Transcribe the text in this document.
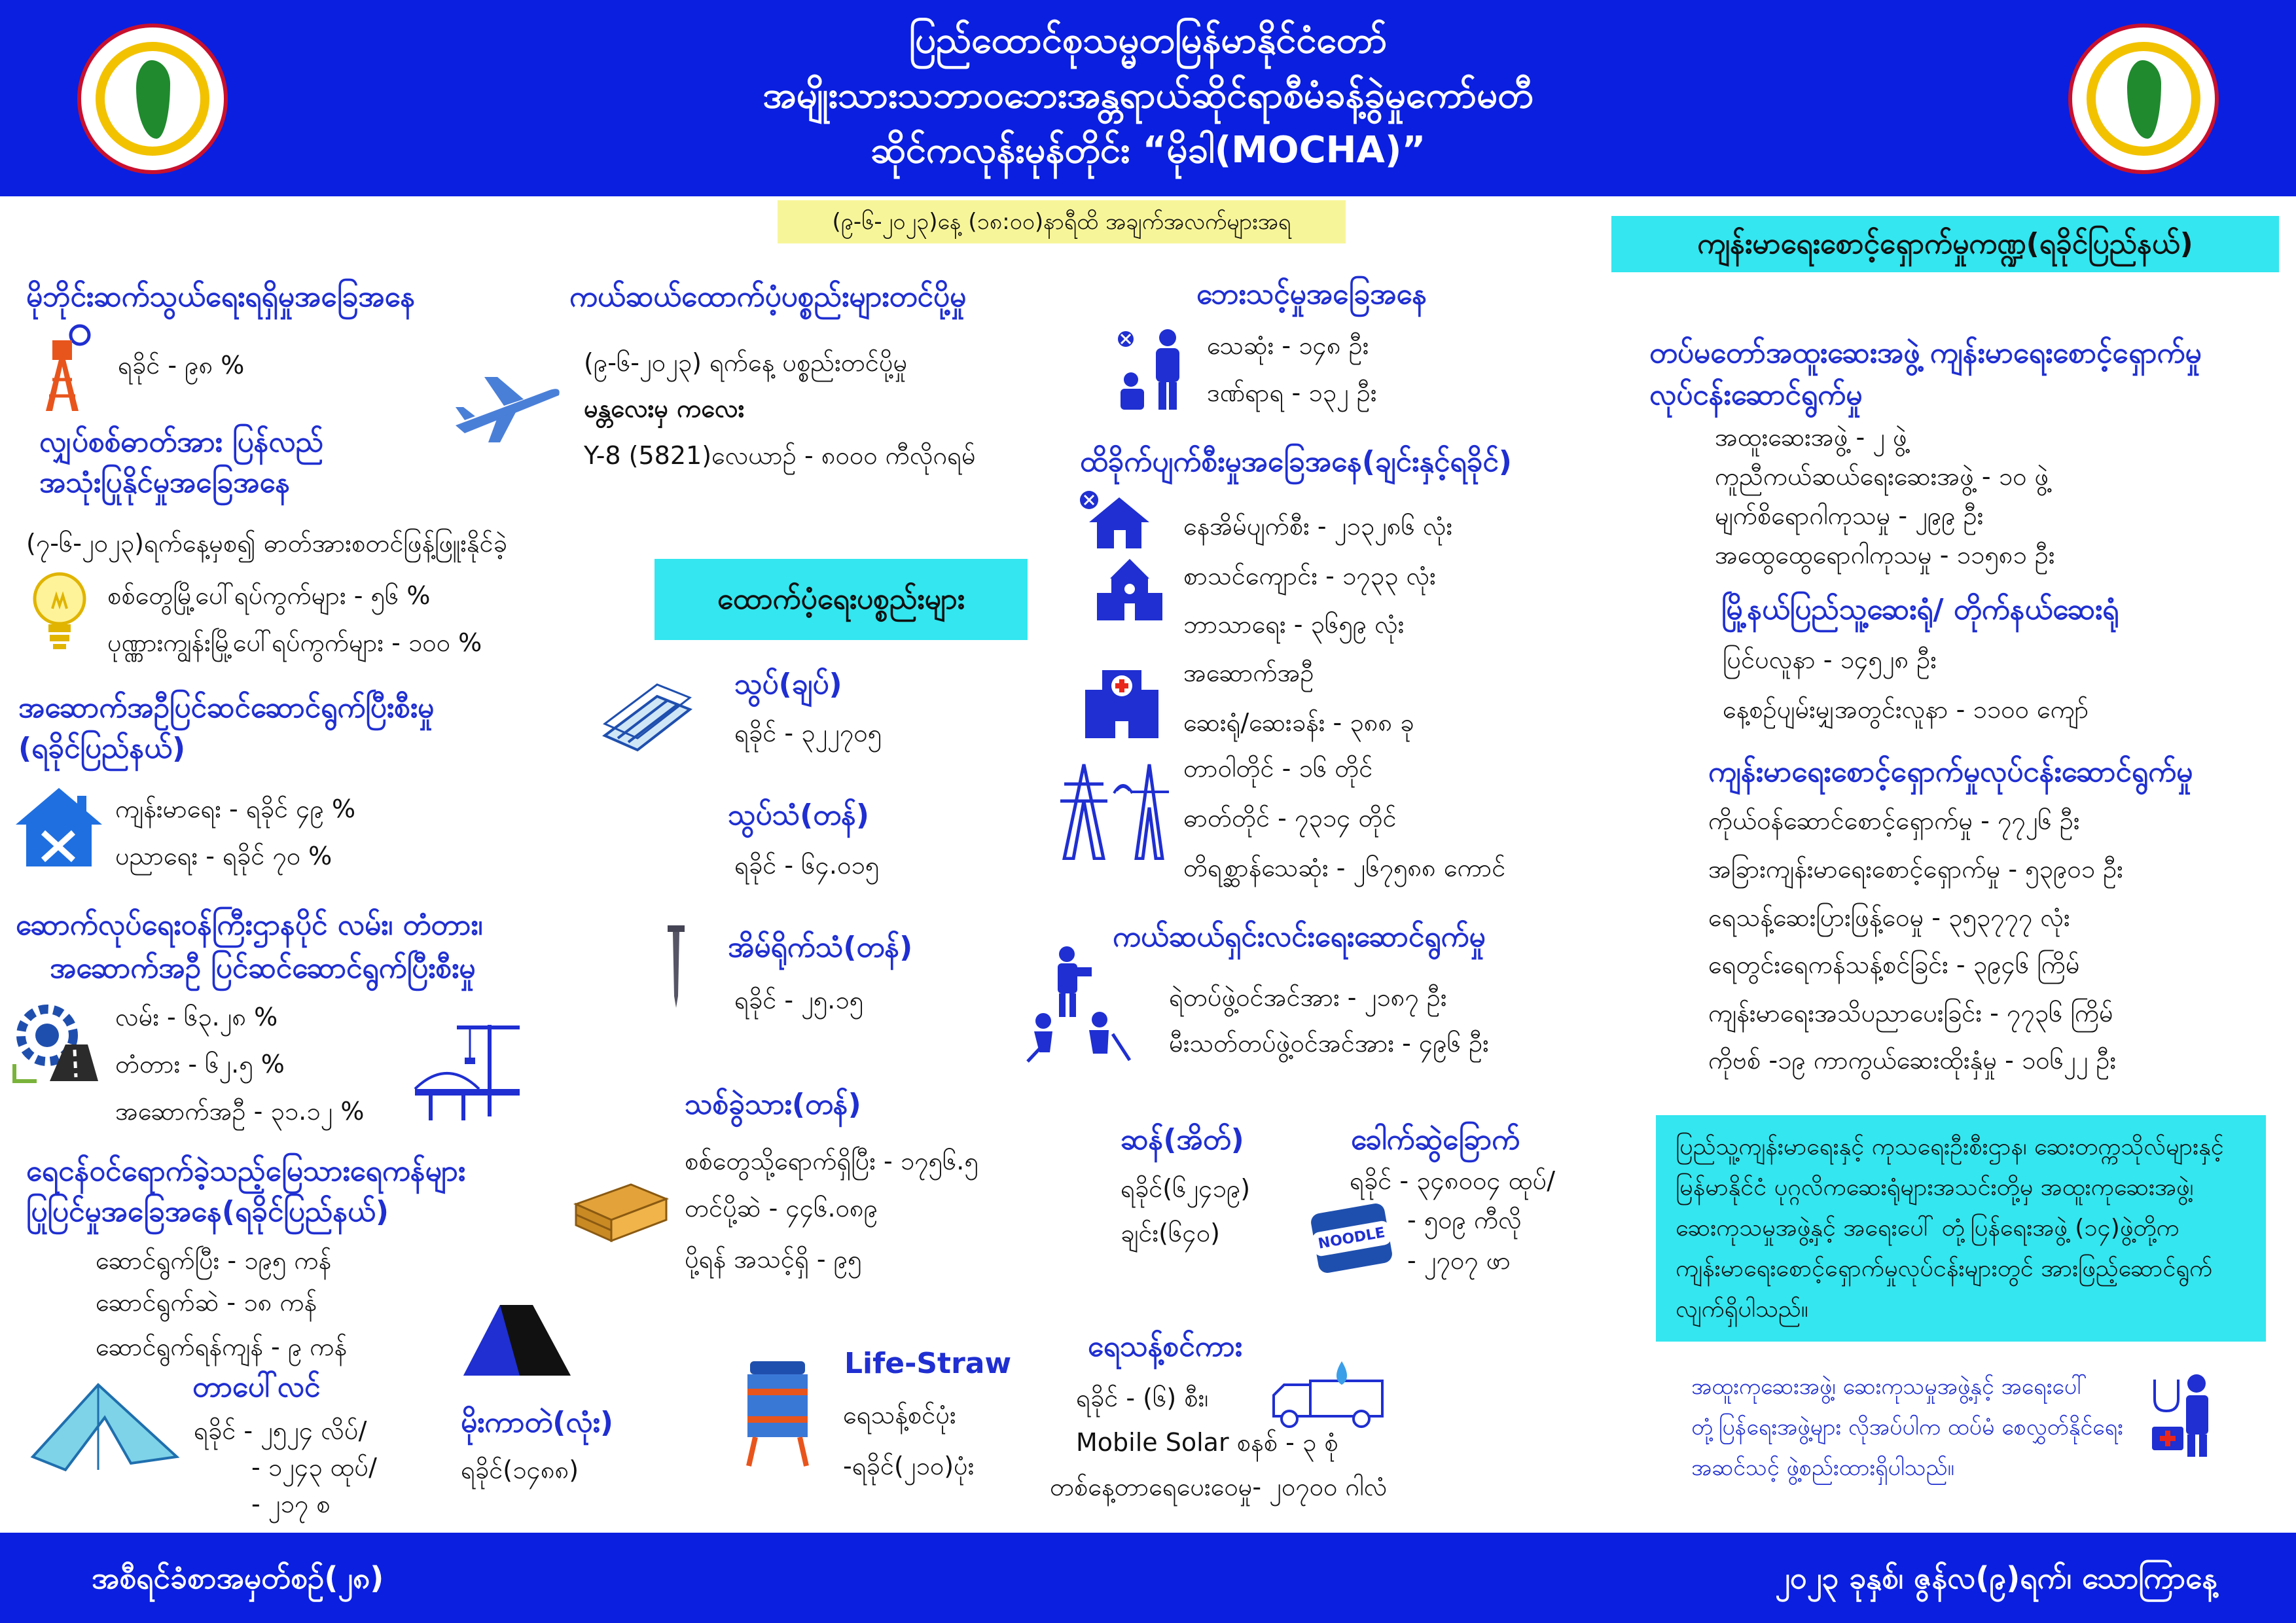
ပြည်ထောင်စုသမ္မတမြန်မာနိုင်ငံတော်
အမျိုးသားသဘာဝဘေးအန္တရာယ်ဆိုင်ရာစီမံခန့်ခွဲမှုကော်မတီ
ဆိုင်ကလုန်းမုန်တိုင်း “မိုခါ(MOCHA)”
(၉-၆-၂၀၂၃)နေ့ (၁၈:၀၀)နာရီထိ အချက်အလက်များအရ
မိုဘိုင်းဆက်သွယ်ရေးရရှိမှုအခြေအနေ
ရခိုင် - ၉၈ %
လျှပ်စစ်ဓာတ်အား ပြန်လည်
အသုံးပြုနိုင်မှုအခြေအနေ
(၇-၆-၂၀၂၃)ရက်နေ့မှစ၍ ဓာတ်အားစတင်ဖြန့်ဖြူးနိုင်ခဲ့
စစ်တွေမြို့ပေါ်ရပ်ကွက်များ - ၅၆ %
ပုဏ္ဏားကျွန်းမြို့ပေါ်ရပ်ကွက်များ - ၁၀၀ %
အဆောက်အဦပြင်ဆင်ဆောင်ရွက်ပြီးစီးမှု
(ရခိုင်ပြည်နယ်)
ကျန်းမာရေး - ရခိုင် ၄၉ %
ပညာရေး - ရခိုင် ၇၀ %
ဆောက်လုပ်ရေးဝန်ကြီးဌာနပိုင် လမ်း၊ တံတား၊
အဆောက်အဦ ပြင်ဆင်ဆောင်ရွက်ပြီးစီးမှု
လမ်း - ၆၃.၂၈ %
တံတား - ၆၂.၅ %
အဆောက်အဦ - ၃၁.၁၂ %
ရေငန်ဝင်ရောက်ခဲ့သည့်မြေသားရေကန်များ
ပြုပြင်မှုအခြေအနေ(ရခိုင်ပြည်နယ်)
ဆောင်ရွက်ပြီး - ၁၉၅ ကန်
ဆောင်ရွက်ဆဲ - ၁၈ ကန်
ဆောင်ရွက်ရန်ကျန် - ၉ ကန်
တာပေါ်လင်
ရခိုင် - ၂၅၂၄ လိပ်/
- ၁၂၄၃ ထုပ်/
- ၂၁၇ စ
မိုးကာတဲ(လုံး)
ရခိုင်(၁၄၈၈)
ကယ်ဆယ်ထောက်ပံ့ပစ္စည်းများတင်ပို့မှု
(၉-၆-၂၀၂၃) ရက်နေ့ ပစ္စည်းတင်ပို့မှု
မန္တလေးမှ ကလေး
Y-8 (5821)လေယာဉ် - ၈၀၀၀ ကီလိုဂရမ်
ထောက်ပံ့ရေးပစ္စည်းများ
သွပ်(ချပ်)
ရခိုင် - ၃၂၂၇၀၅
သွပ်သံ(တန်)
ရခိုင် - ၆၄.၀၁၅
အိမ်ရိုက်သံ(တန်)
ရခိုင် - ၂၅.၁၅
သစ်ခွဲသား(တန်)
စစ်တွေသို့ရောက်ရှိပြီး - ၁၇၅၆.၅
တင်ပို့ဆဲ - ၄၄၆.၀၈၉
ပို့ရန် အသင့်ရှိ - ၉၅
Life-Straw
ရေသန့်စင်ပုံး
-ရခိုင်(၂၁၀)ပုံး
ဘေးသင့်မှုအခြေအနေ
သေဆုံး - ၁၄၈ ဦး
ဒဏ်ရာရ - ၁၃၂ ဦး
ထိခိုက်ပျက်စီးမှုအခြေအနေ(ချင်းနှင့်ရခိုင်)
နေအိမ်ပျက်စီး - ၂၁၃၂၈၆ လုံး
စာသင်ကျောင်း - ၁၇၃၃ လုံး
ဘာသာရေး - ၃၆၅၉ လုံး
အဆောက်အဦ
ဆေးရုံ/ဆေးခန်း - ၃၈၈ ခု
တာဝါတိုင် - ၁၆ တိုင်
ဓာတ်တိုင် - ၇၃၁၄ တိုင်
တိရစ္ဆာန်သေဆုံး - ၂၆၇၅၈၈ ကောင်
ကယ်ဆယ်ရှင်းလင်းရေးဆောင်ရွက်မှု
ရဲတပ်ဖွဲ့ဝင်အင်အား - ၂၁၈၇ ဦး
မီးသတ်တပ်ဖွဲ့ဝင်အင်အား - ၄၉၆ ဦး
ဆန်(အိတ်)
ရခိုင်(၆၂၄၁၉)
ချင်း(၆၄၀)
ခေါက်ဆွဲခြောက်
ရခိုင် - ၃၄၈၀၀၄ ထုပ်/
- ၅၀၉ ကီလို
- ၂၇၀၇ ဖာ
NOODLE
ရေသန့်စင်ကား
ရခိုင် - (၆) စီး၊
Mobile Solar စနစ် - ၃ စုံ
တစ်နေ့တာရေပေးဝေမှု- ၂၀၇၀၀ ဂါလံ
ကျန်းမာရေးစောင့်ရှောက်မှုကဏ္ဍ(ရခိုင်ပြည်နယ်)
တပ်မတော်အထူးဆေးအဖွဲ့ ကျန်းမာရေးစောင့်ရှောက်မှု
လုပ်ငန်းဆောင်ရွက်မှု
အထူးဆေးအဖွဲ့ - ၂ ဖွဲ့
ကူညီကယ်ဆယ်ရေးဆေးအဖွဲ့ - ၁၀ ဖွဲ့
မျက်စိရောဂါကုသမှု - ၂၉၉ ဦး
အထွေထွေရောဂါကုသမှု - ၁၁၅၈၁ ဦး
မြို့နယ်ပြည်သူ့ဆေးရုံ/ တိုက်နယ်ဆေးရုံ
ပြင်ပလူနာ - ၁၄၅၂၈ ဦး
နေ့စဉ်ပျမ်းမျှအတွင်းလူနာ - ၁၁၀၀ ကျော်
ကျန်းမာရေးစောင့်ရှောက်မှုလုပ်ငန်းဆောင်ရွက်မှု
ကိုယ်ဝန်ဆောင်စောင့်ရှောက်မှု - ၇၇၂၆ ဦး
အခြားကျန်းမာရေးစောင့်ရှောက်မှု - ၅၃၉၀၁ ဦး
ရေသန့်ဆေးပြားဖြန့်ဝေမှု - ၃၅၃၇၇၇ လုံး
ရေတွင်းရေကန်သန့်စင်ခြင်း - ၃၉၄၆ ကြိမ်
ကျန်းမာရေးအသိပညာပေးခြင်း - ၇၇၃၆ ကြိမ်
ကိုဗစ် -၁၉ ကာကွယ်ဆေးထိုးနှံမှု - ၁၀၆၂၂ ဦး
ပြည်သူ့ကျန်းမာရေးနှင့် ကုသရေးဦးစီးဌာန၊ ဆေးတက္ကသိုလ်များနှင့်မြန်မာနိုင်ငံ ပုဂ္ဂလိကဆေးရုံများအသင်းတို့မှ အထူးကုဆေးအဖွဲ့၊ ဆေးကုသမှုအဖွဲ့နှင့် အရေးပေါ် တုံ့ပြန်ရေးအဖွဲ့ (၁၄)ဖွဲ့တို့က ကျန်းမာရေးစောင့်ရှောက်မှုလုပ်ငန်းများတွင် အားဖြည့်ဆောင်ရွက်လျက်ရှိပါသည်။
အထူးကုဆေးအဖွဲ့၊ ဆေးကုသမှုအဖွဲ့နှင့် အရေးပေါ်တုံ့ပြန်ရေးအဖွဲ့များ လိုအပ်ပါက ထပ်မံ စေလွှတ်နိုင်ရေး အဆင်သင့် ဖွဲ့စည်းထားရှိပါသည်။
အစီရင်ခံစာအမှတ်စဉ်(၂၈)	၂၀၂၃ ခုနှစ်၊ ဇွန်လ(၉)ရက်၊ သောကြာနေ့
